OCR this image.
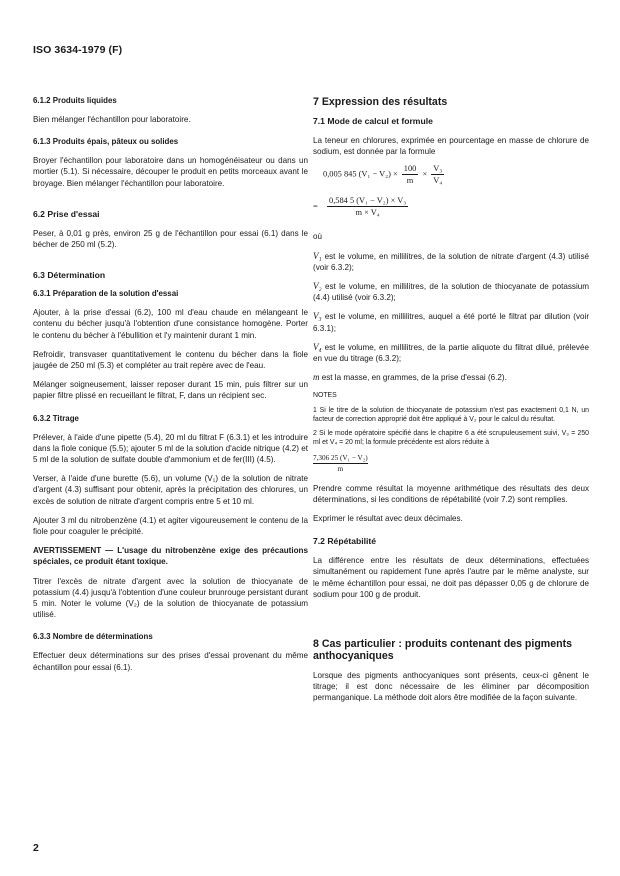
ISO 3634-1979 (F)
6.1.2 Produits liquides

Bien mélanger l'échantillon pour laboratoire.

6.1.3 Produits épais, pâteux ou solides

Broyer l'échantillon pour laboratoire dans un homogénéisateur ou dans un mortier (5.1). Si nécessaire, découper le produit en petits morceaux avant le broyage. Bien mélanger l'échantillon pour laboratoire.

6.2 Prise d'essai

Peser, à 0,01 g près, environ 25 g de l'échantillon pour essai (6.1) dans le bécher de 250 ml (5.2).

6.3 Détermination
6.3.1 Préparation de la solution d'essai

Ajouter, à la prise d'essai (6.2), 100 ml d'eau chaude en mélangeant le contenu du bécher jusqu'à l'obtention d'une consistance homogène. Porter le contenu du bécher à l'ébullition et l'y maintenir durant 1 min.

Refroidir, transvaser quantitativement le contenu du bécher dans la fiole jaugée de 250 ml (5.3) et compléter au trait repère avec de l'eau.

Mélanger soigneusement, laisser reposer durant 15 min, puis filtrer sur un papier filtre plissé en recueillant le filtrat, F, dans un récipient sec.

6.3.2 Titrage

Prélever, à l'aide d'une pipette (5.4), 20 ml du filtrat F (6.3.1) et les introduire dans la fiole conique (5.5); ajouter 5 ml de la solution d'acide nitrique (4.2) et 5 ml de la solution de sulfate double d'ammonium et de fer(III) (4.5).

Verser, à l'aide d'une burette (5.6), un volume (V₁) de la solution de nitrate d'argent (4.3) suffisant pour obtenir, après la précipitation des chlorures, un excès de solution de nitrate d'argent compris entre 5 et 10 ml.

Ajouter 3 ml du nitrobenzène (4.1) et agiter vigoureusement le contenu de la fiole pour coaguler le précipité.

AVERTISSEMENT — L'usage du nitrobenzène exige des précautions spéciales, ce produit étant toxique.

Titrer l'excès de nitrate d'argent avec la solution de thiocyanate de potassium (4.4) jusqu'à l'obtention d'une couleur brunrouge persistant durant 5 min. Noter le volume (V₂) de la solution de thiocyanate de potassium utilisé.

6.3.3 Nombre de déterminations

Effectuer deux déterminations sur des prises d'essai provenant du même échantillon pour essai (6.1).

7 Expression des résultats
7.1 Mode de calcul et formule

La teneur en chlorures, exprimée en pourcentage en masse de chlorure de sodium, est donnée par la formule

0,005 845 $(V_1 - V_2) \times \frac{100}{m} \times \frac{\text{V₃}}{\text{V₄}}$
= $\frac{\text{0,584 5 (V₁ − V₂) × V₃}}{\text{m × V₄}}$

où

V₁ est le volume, en millilitres, de la solution de nitrate d'argent (4.3) utilisé (voir 6.3.2);

V₂ est le volume, en millilitres, de la solution de thiocyanate de potassium (4.4) utilisé (voir 6.3.2);

V₃ est le volume, en millilitres, auquel a été porté le filtrat par dilution (voir 6.3.1);

V₄ est le volume, en millilitres, de la partie aliquote du filtrat dilué, prélevée en vue du titrage (6.3.2);

m est la masse, en grammes, de la prise d'essai (6.2).

NOTES

1 Si le titre de la solution de thiocyanate de potassium n'est pas exactement 0,1 N, un facteur de correction approprié doit être appliqué à V₂ pour le calcul du résultat.

2 Si le mode opératoire spécifié dans le chapitre 6 a été scrupuleusement suivi, V₃ = 250 ml et V₄ = 20 ml; la formule précédente est alors réduite à

$\frac{\text{7,306 25 (V₁ − V₂)}}{m}$

Prendre comme résultat la moyenne arithmétique des résultats des deux déterminations, si les conditions de répétabilité (voir 7.2) sont remplies.

Exprimer le résultat avec deux décimales.

7.2 Répétabilité

La différence entre les résultats de deux déterminations, effectuées simultanément ou rapidement l'une après l'autre par le même analyste, sur le même échantillon pour essai, ne doit pas dépasser 0,05 g de chlorure de sodium pour 100 g de produit.

8 Cas particulier : produits contenant des pigments anthocyaniques

Lorsque des pigments anthocyaniques sont présents, ceux-ci gênent le titrage; il est donc nécessaire de les éliminer par décomposition permanganique. La méthode doit alors être modifiée de la façon suivante.

2
